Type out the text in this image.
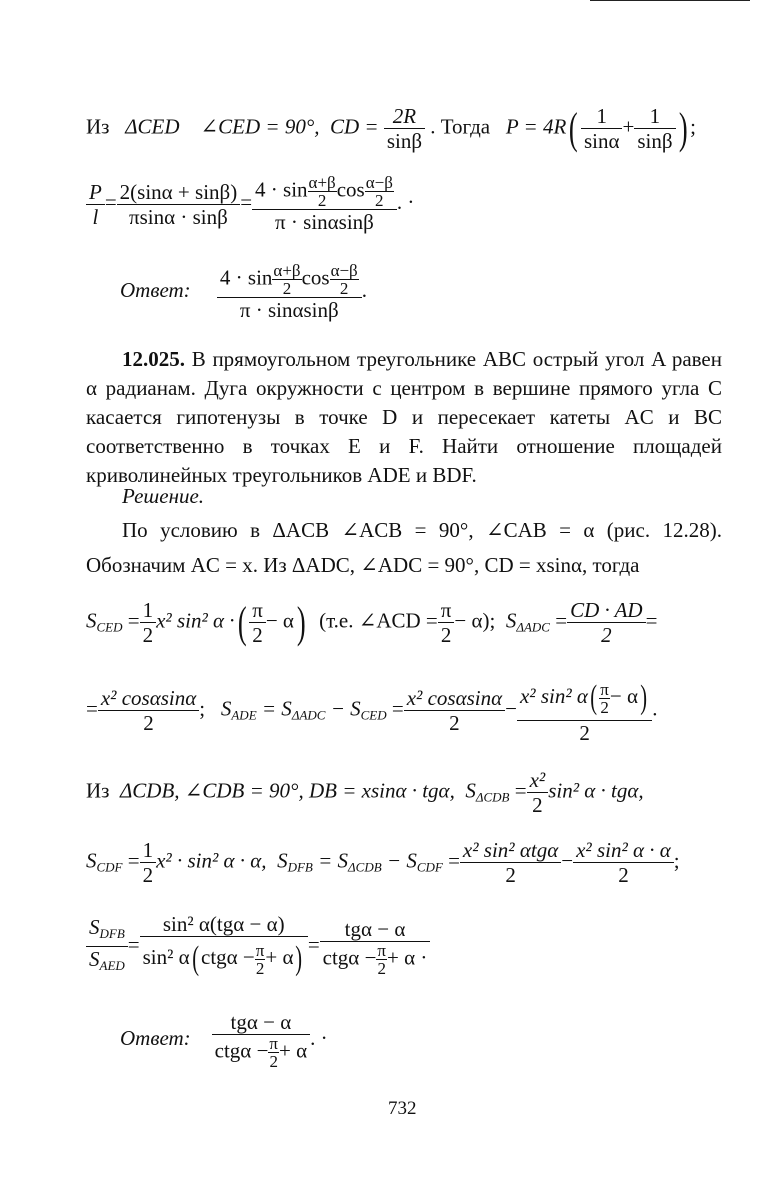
Из ΔCED ∠CED = 90°, CD = $\frac{2R}{\sin\beta}$ . Тогда $P = 4R( \frac{1}{\sin\alpha} + \frac{1}{\sin\beta}$ ) ;
$\frac{P}{l} = \frac{2(\sin\alpha + \sin\beta)}{\pi\sin\alpha \cdot \sin\beta} = \frac{4 \cdot \sin \frac{\alpha+\beta}{2} \cos \frac{\alpha-\beta}{2}}{\pi \cdot \sin\alpha\sin\beta}$ . ·
Ответ: $\frac{4 \cdot \sin \frac{\alpha+\beta}{2} \cos \frac{\alpha-\beta}{2}}{\pi \cdot \sin\alpha\sin\beta}$ .
12.025. В прямоугольном треугольнике ABC острый угол A равен α радианам. Дуга окружности с центром в вершине прямого угла C касается гипотенузы в точке D и пересекает катеты AC и BC соответственно в точках E и F. Найти отношение площадей криволинейных треугольников ADE и BDF.
Решение.
По условию в ΔACB ∠ACB = 90°, ∠CAB = α (рис. 12.28). Обозначим AC = x. Из ΔADC, ∠ADC = 90°, CD = xsinα, тогда
$S_{CED} = \frac{1}{2} x^2$ sin² α ·( $\frac{\pi}{2} - \alpha$) (т.е. ∠ACD = $\frac{\pi}{2} - \alpha$); $S_{\Delta ADC} = \frac{CD \cdot AD}{2}$ =
= $\frac{\text{x² cosαsinα}}{2}$ ; $S_{ADE} = S_{\Delta ADC} - S_{CED} = \frac{\text{x² cosαsinα}}{2} - \frac{x^2 \sin^2 \alpha( \frac{\pi}{2} - \alpha)}{2}$ .
Из ΔCDB, ∠CDB = 90°, DB = xsinα · tgα, $S_{\Delta CDB} = \frac{\text{x²}}{2} \sin^2$ α · tgα,
$S_{CDF} = \frac{1}{2} x^2 \cdot \sin^2$ α · α, $S_{DFB} = S_{\Delta CDB} - S_{CDF} = x^2$ sin² αtgα
2
− $\frac{\text{x² sin² α · α}}{2}$ ;
$S_{DFB}$
$S_{AED}$
=
sin² α(tgα − α)
sin² α( $ctg\alpha - \frac{\pi}{2} + \alpha$) =
tgα − α
$ctg\alpha - \frac{\pi}{2} + \alpha$ ·
Ответ:
tgα − α
$ctg\alpha - \frac{\pi}{2} + \alpha$
. ·
732
